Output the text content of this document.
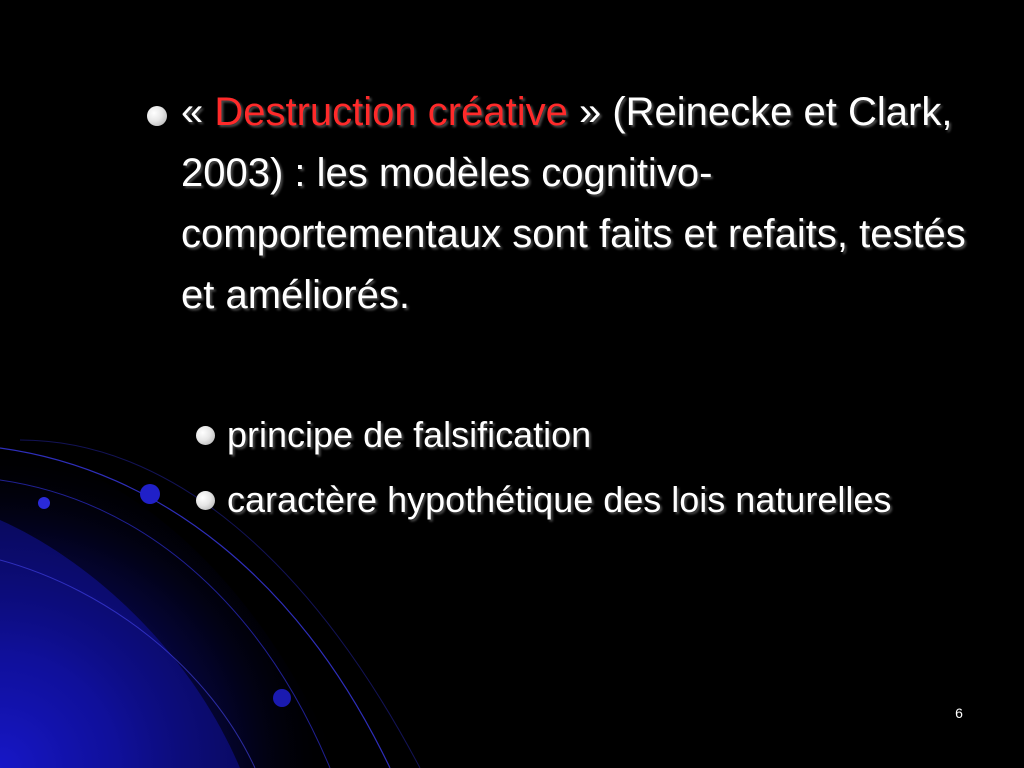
« Destruction créative » (Reinecke et Clark, 2003) : les modèles cognitivo-comportementaux sont faits et refaits, testés et améliorés.
principe de falsification
caractère hypothétique des lois naturelles
6
